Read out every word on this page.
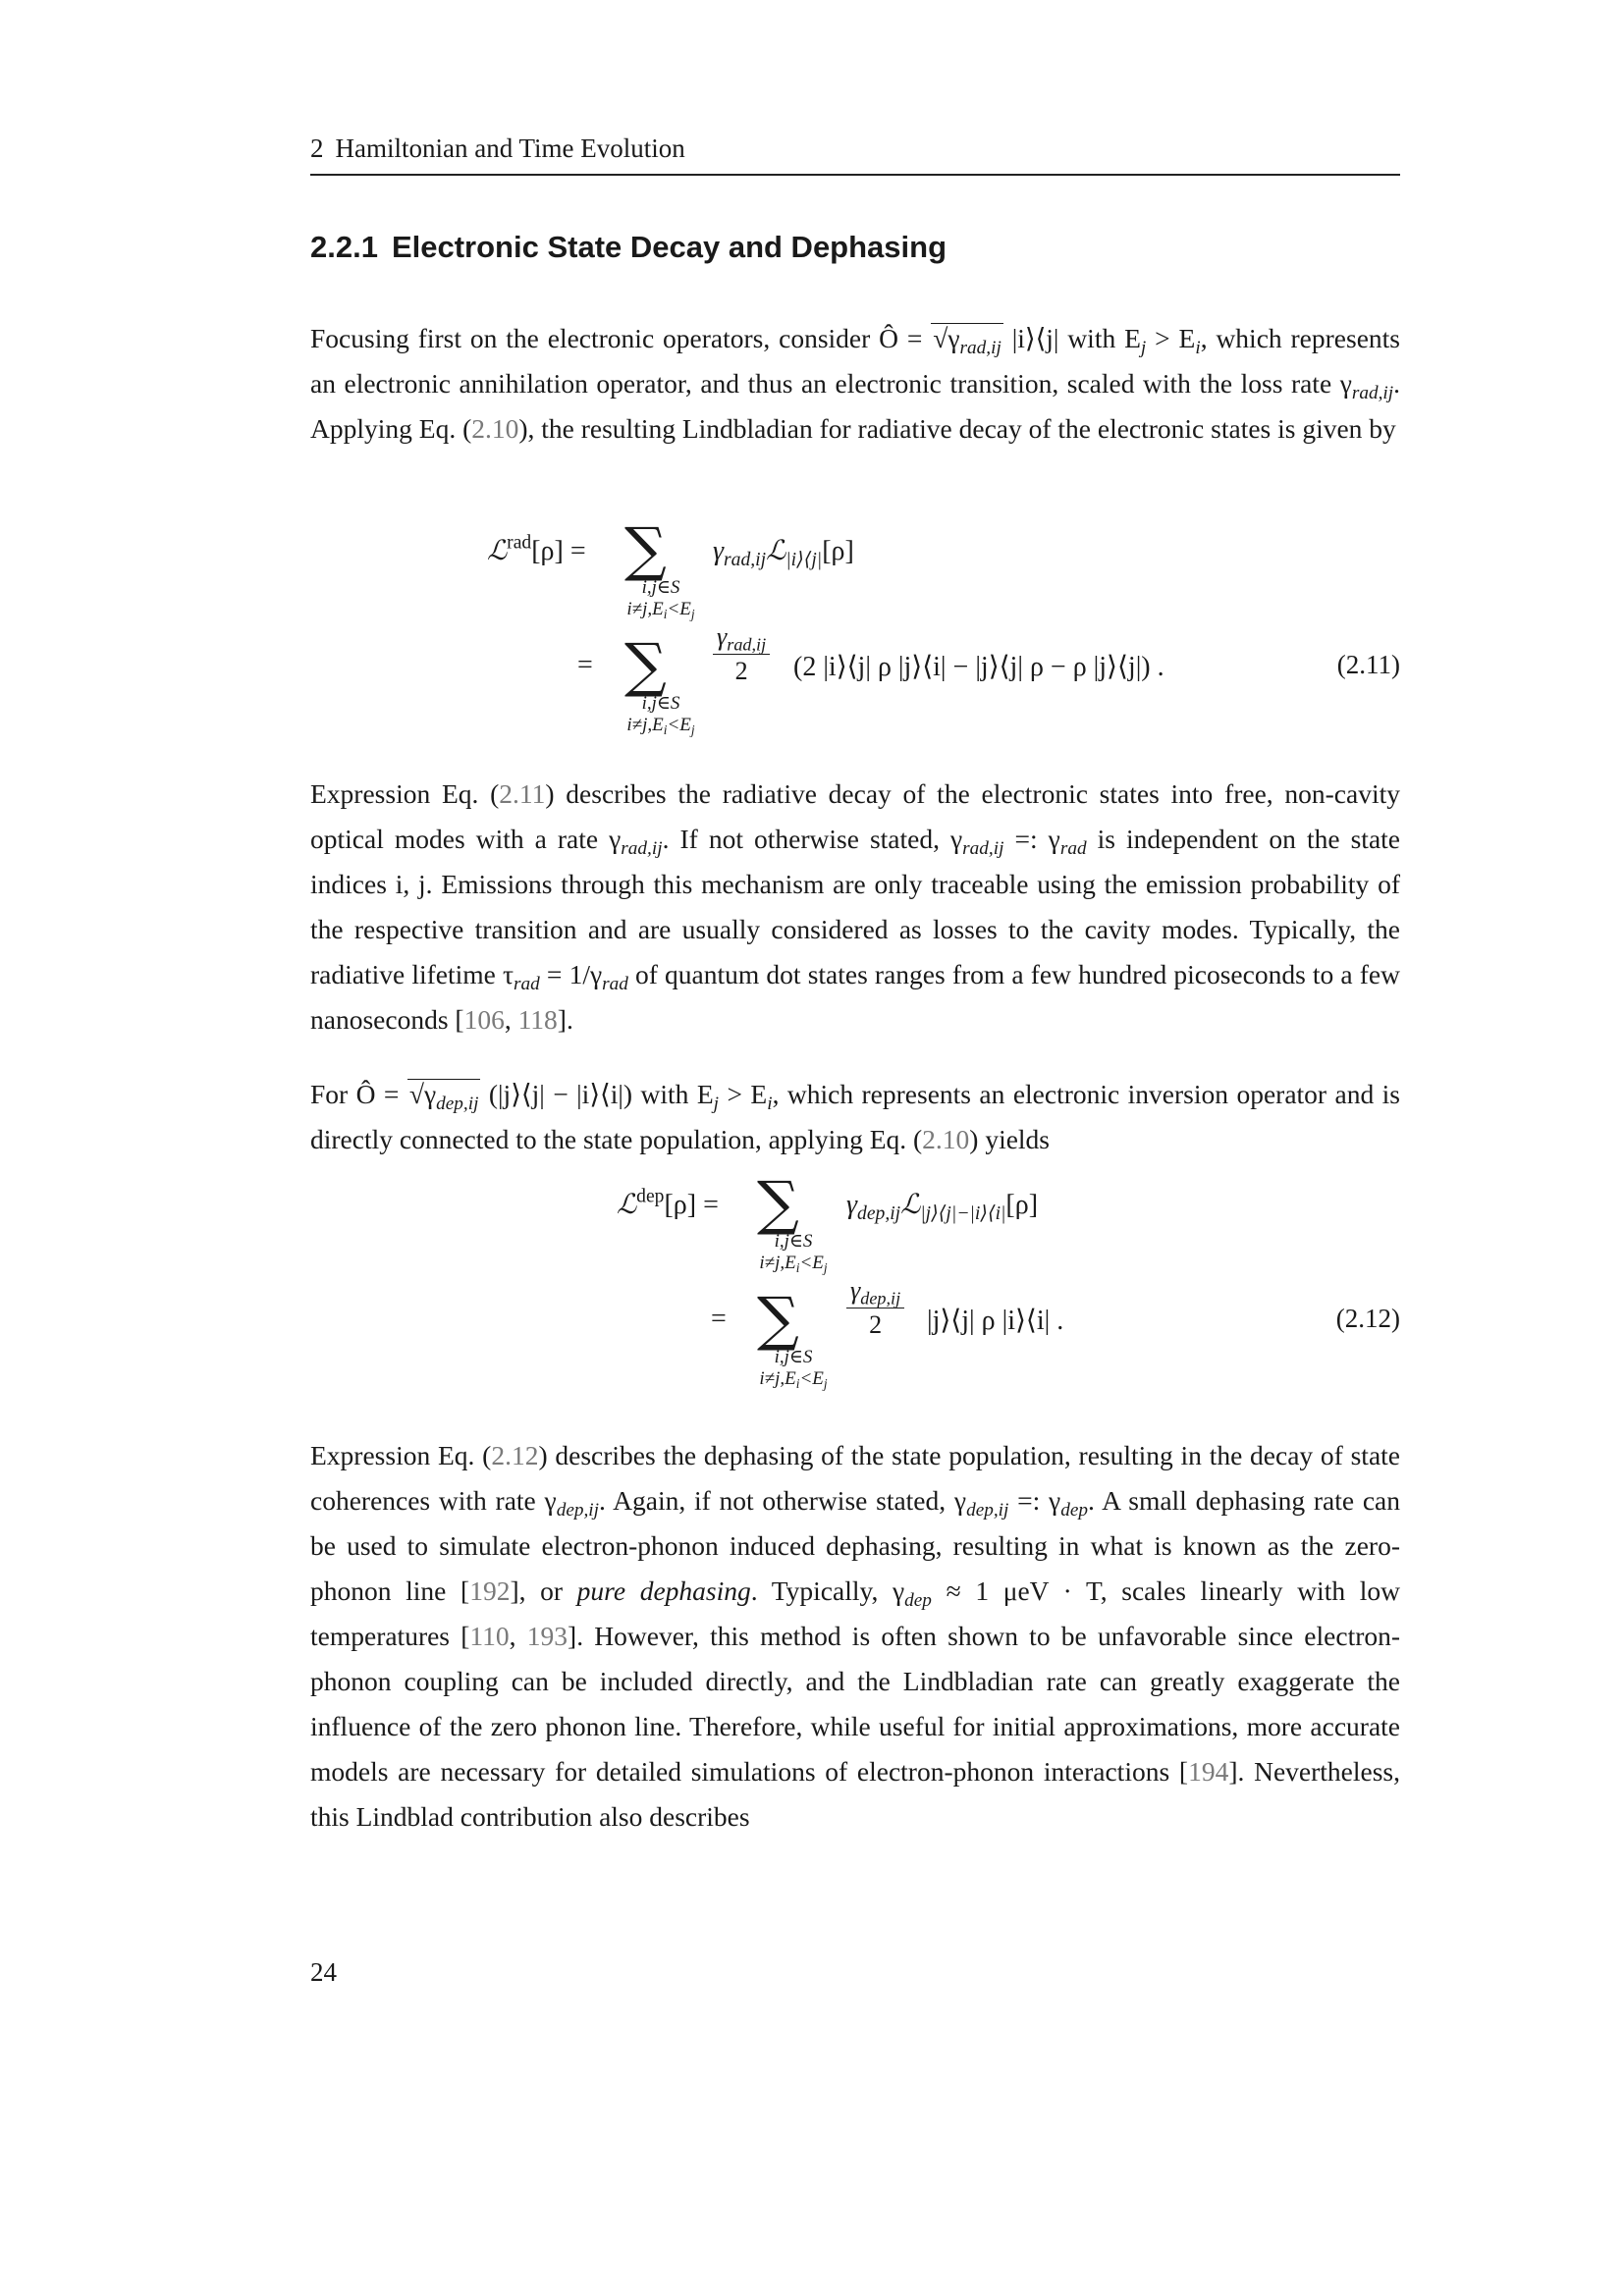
2 Hamiltonian and Time Evolution
2.2.1 Electronic State Decay and Dephasing
Focusing first on the electronic operators, consider Ô = $√\gamma_{rad,ij}$ |i⟩⟨j| with $E_j > E_i$, which represents an electronic annihilation operator, and thus an electronic transition, scaled with the loss rate $\gamma_{rad,ij}$. Applying Eq. (2.10), the resulting Lindbladian for radiative decay of the electronic states is given by
ℒ$^{rad}$[ρ] = ∑
i,j∈S
$i\ne j,E_i<E_j$
$\gamma_{rad,ij}ℒ_{|i⟩⟨j|}[\rho]$
= ∑
i,j∈S
$i\ne j,E_i<E_j$
$\gamma_{rad,ij}$
2	(2 |i⟩⟨j| ρ |j⟩⟨i| − |j⟩⟨j| ρ − ρ |j⟩⟨j|) .	(2.11)
Expression Eq. (2.11) describes the radiative decay of the electronic states into free, non-cavity optical modes with a rate $\gamma_{rad,ij}$. If not otherwise stated, $\gamma_{rad,ij}$ =: $\gamma_{rad}$ is independent on the state indices i, j. Emissions through this mechanism are only traceable using the emission probability of the respective transition and are usually considered as losses to the cavity modes. Typically, the radiative lifetime $\tau_{rad} = 1/\gamma_{rad}$ of quantum dot states ranges from a few hundred picoseconds to a few nanoseconds [106, 118].
For Ô = $√\gamma_{dep,ij}$ (|j⟩⟨j| − |i⟩⟨i|) with $E_j > E_i$, which represents an electronic inversion operator and is directly connected to the state population, applying Eq. (2.10) yields
ℒ$^{dep}$[ρ] = ∑
i,j∈S
$i\ne j,E_i<E_j$
$\gamma_{dep,ij}ℒ_{|j⟩⟨j|-|i⟩⟨i|}[\rho]$
= ∑
i,j∈S
$i\ne j,E_i<E_j$
$\gamma_{dep,ij}$
2	|j⟩⟨j| ρ |i⟩⟨i| .	(2.12)
Expression Eq. (2.12) describes the dephasing of the state population, resulting in the decay of state coherences with rate $\gamma_{dep,ij}$. Again, if not otherwise stated, $\gamma_{dep,ij}$ =: $\gamma_{dep}$. A small dephasing rate can be used to simulate electron-phonon induced dephasing, resulting in what is known as the zero-phonon line [192], or pure dephasing. Typically, $\gamma_{dep} \approx 1$ μeV · T, scales linearly with low temperatures [110, 193]. However, this method is often shown to be unfavorable since electron-phonon coupling can be included directly, and the Lindbladian rate can greatly exaggerate the influence of the zero phonon line. Therefore, while useful for initial approximations, more accurate models are necessary for detailed simulations of electron-phonon interactions [194]. Nevertheless, this Lindblad contribution also describes
24
